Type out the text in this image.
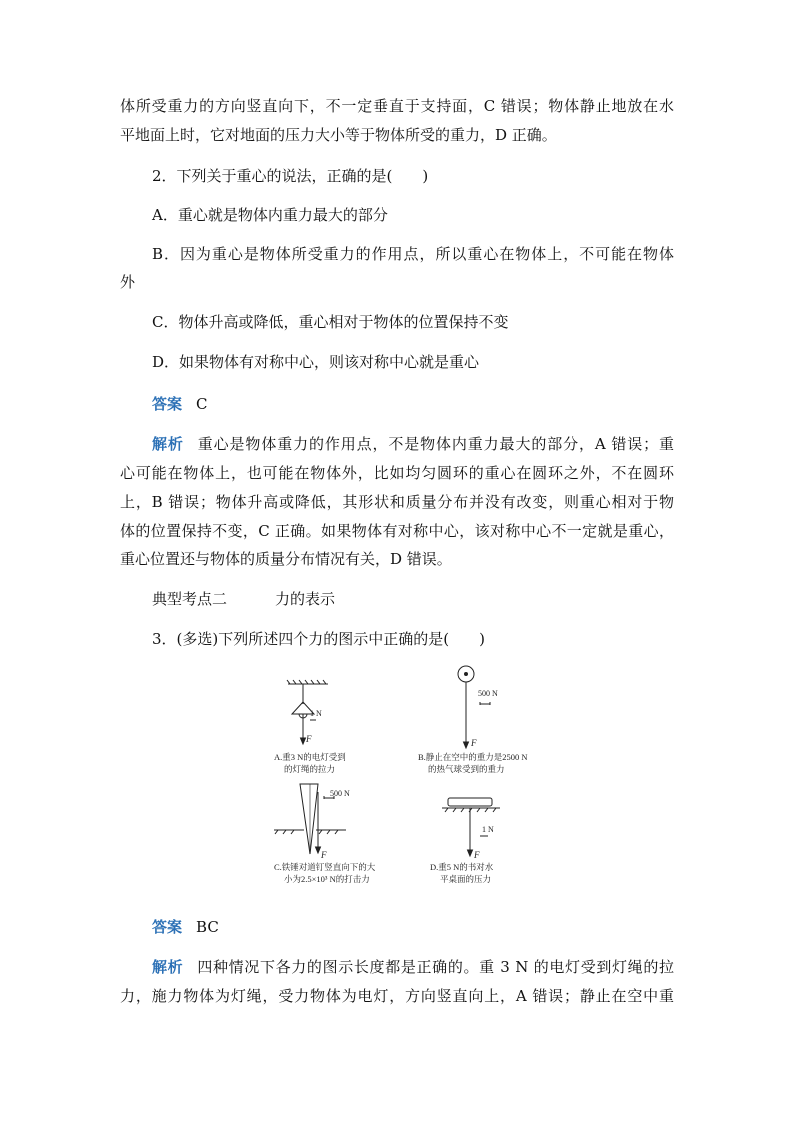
体所受重力的方向竖直向下，不一定垂直于支持面，C 错误；物体静止地放在水
平地面上时，它对地面的压力大小等于物体所受的重力，D 正确。
2．下列关于重心的说法，正确的是(　　)
A．重心就是物体内重力最大的部分
B．因为重心是物体所受重力的作用点，所以重心在物体上，不可能在物体
外
C．物体升高或降低，重心相对于物体的位置保持不变
D．如果物体有对称中心，则该对称中心就是重心
答案 C
解析 重心是物体重力的作用点，不是物体内重力最大的部分，A 错误；重
心可能在物体上，也可能在物体外，比如均匀圆环的重心在圆环之外，不在圆环
上，B 错误；物体升高或降低，其形状和质量分布并没有改变，则重心相对于物
体的位置保持不变，C 正确。如果物体有对称中心，该对称中心不一定就是重心，
重心位置还与物体的质量分布情况有关，D 错误。
典型考点二	力的表示
3．(多选)下列所述四个力的图示中正确的是(　　)
1 N
F
A.重3 N的电灯受到
的灯绳的拉力
500 N
F
B.静止在空中的重力是2500 N
的热气球受到的重力
500 N
F
C.铁锤对道钉竖直向下的大
小为2.5×10³ N的打击力
1 N
F
D.重5 N的书对水
平桌面的压力
答案 BC
解析 四种情况下各力的图示长度都是正确的。重 3 N 的电灯受到灯绳的拉
力，施力物体为灯绳，受力物体为电灯，方向竖直向上，A 错误；静止在空中重
